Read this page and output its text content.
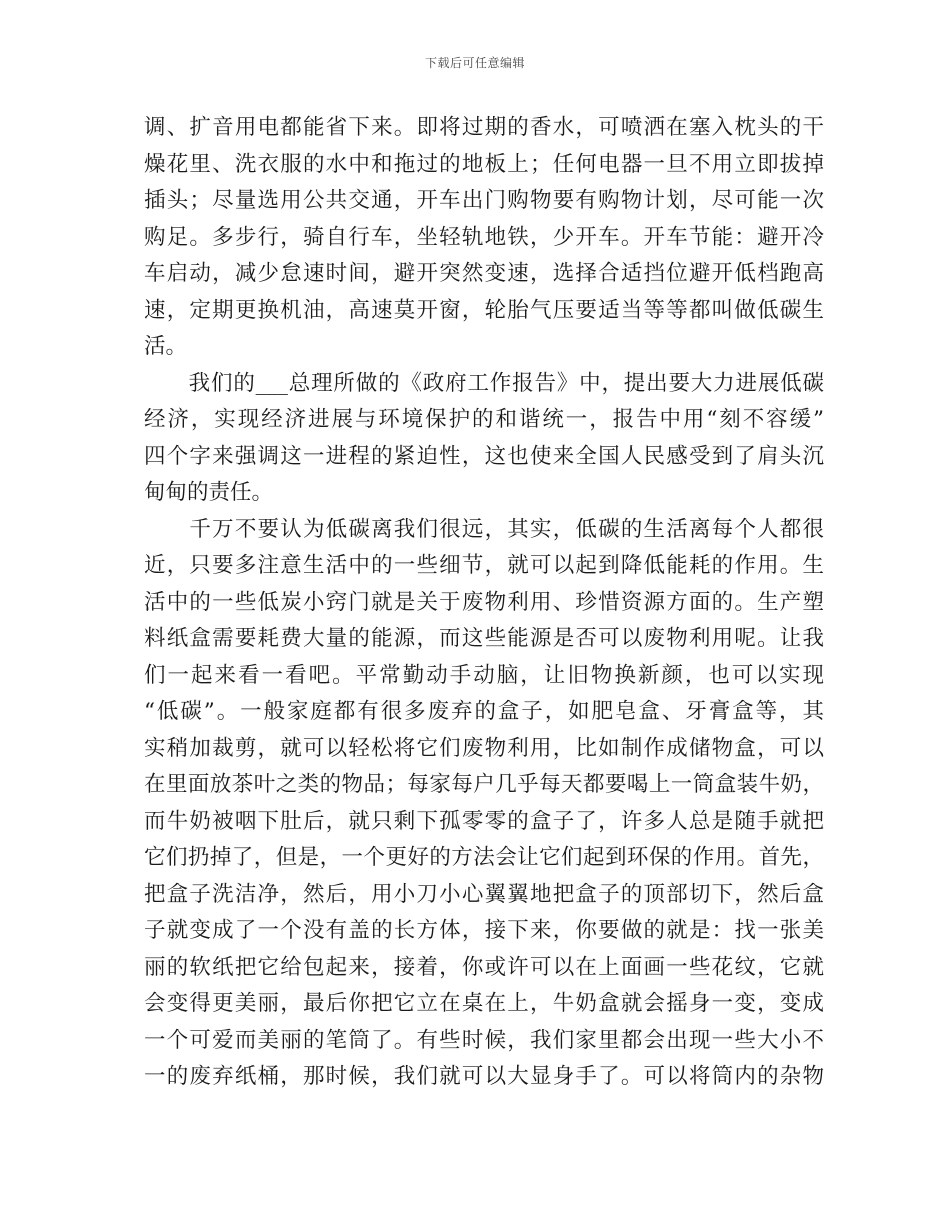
下载后可任意编辑
调、扩音用电都能省下来。即将过期的香水，可喷洒在塞入枕头的干
燥花里、洗衣服的水中和拖过的地板上；任何电器一旦不用立即拔掉
插头；尽量选用公共交通，开车出门购物要有购物计划，尽可能一次
购足。多步行，骑自行车，坐轻轨地铁，少开车。开车节能：避开冷
车启动，减少怠速时间，避开突然变速，选择合适挡位避开低档跑高
速，定期更换机油，高速莫开窗，轮胎气压要适当等等都叫做低碳生
活。
　　我们的___总理所做的《政府工作报告》中，提出要大力进展低碳
经济，实现经济进展与环境保护的和谐统一，报告中用“刻不容缓”
四个字来强调这一进程的紧迫性，这也使来全国人民感受到了肩头沉
甸甸的责任。
　　千万不要认为低碳离我们很远，其实，低碳的生活离每个人都很
近，只要多注意生活中的一些细节，就可以起到降低能耗的作用。生
活中的一些低炭小窍门就是关于废物利用、珍惜资源方面的。生产塑
料纸盒需要耗费大量的能源，而这些能源是否可以废物利用呢。让我
们一起来看一看吧。平常勤动手动脑，让旧物换新颜，也可以实现
“低碳”。一般家庭都有很多废弃的盒子，如肥皂盒、牙膏盒等，其
实稍加裁剪，就可以轻松将它们废物利用，比如制作成储物盒，可以
在里面放茶叶之类的物品；每家每户几乎每天都要喝上一筒盒装牛奶，
而牛奶被咽下肚后，就只剩下孤零零的盒子了，许多人总是随手就把
它们扔掉了，但是，一个更好的方法会让它们起到环保的作用。首先，
把盒子洗洁净，然后，用小刀小心翼翼地把盒子的顶部切下，然后盒
子就变成了一个没有盖的长方体，接下来，你要做的就是：找一张美
丽的软纸把它给包起来，接着，你或许可以在上面画一些花纹，它就
会变得更美丽，最后你把它立在桌在上，牛奶盒就会摇身一变，变成
一个可爱而美丽的笔筒了。有些时候，我们家里都会出现一些大小不
一的废弃纸桶，那时候，我们就可以大显身手了。可以将筒内的杂物
